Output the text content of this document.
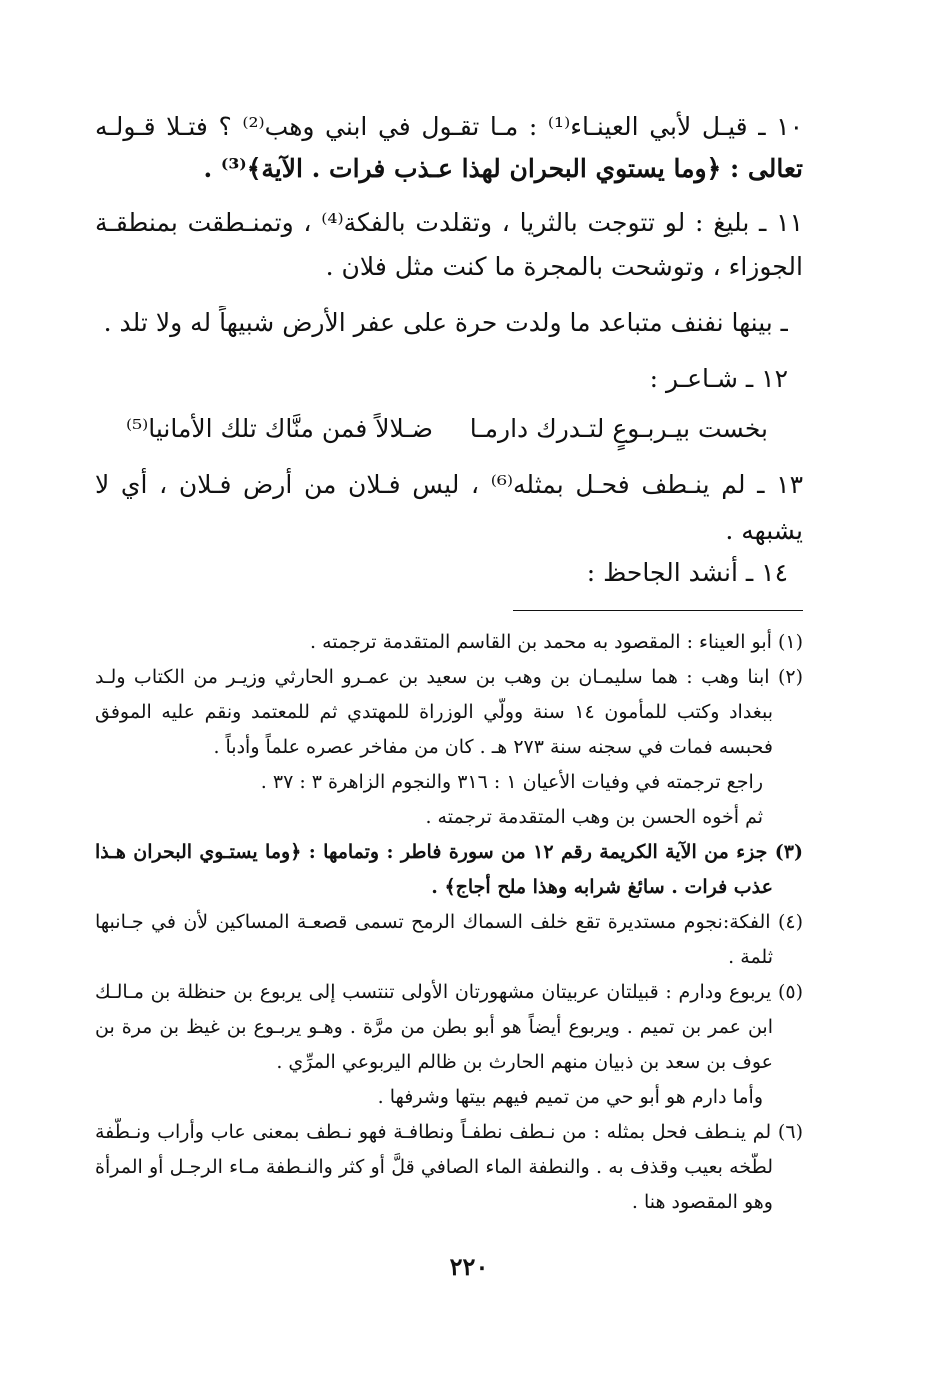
١٠ ـ قيـل لأبي العينـاء⁽¹⁾ : مـا تقـول في ابني وهب⁽²⁾ ؟ فتـلا قـولـه
تعالى : ﴿وما يستوي البحران لهذا عـذب فرات . الآية﴾⁽³⁾ .
١١ ـ بليغ : لو تتوجت بالثريا ، وتقلدت بالفكة⁽⁴⁾ ، وتمنـطقت بمنطقـة
الجوزاء ، وتوشحت بالمجرة ما كنت مثل فلان .
ـ بينها نفنف متباعد ما ولدت حرة على عفر الأرض شبيهاً له ولا تلد .
١٢ ـ شـاعـر :
بخست بيـربـوعٍ لتـدرك دارمـا
ضـلالاً فمن منَّاك تلك الأمانيا⁽⁵⁾
١٣ ـ لم ينـطف فحـل بمثله⁽⁶⁾ ، ليس فـلان من أرض فـلان ، أي لا
يشبهه .
١٤ ـ أنشد الجاحظ :
(١) أبو العيناء : المقصود به محمد بن القاسم المتقدمة ترجمته .
(٢) ابنا وهب : هما سليمـان بن وهب بن سعيد بن عمـرو الحارثي وزيـر من الكتاب ولـد
ببغداد وكتب للمأمون ١٤ سنة وولّي الوزراة للمهتدي ثم للمعتمد ونقم عليه الموفق
فحبسه فمات في سجنه سنة ٢٧٣ هـ . كان من مفاخر عصره علماً وأدباً .
راجع ترجمته في وفيات الأعيان ١ : ٣١٦ والنجوم الزاهرة ٣ : ٣٧ .
ثم أخوه الحسن بن وهب المتقدمة ترجمته .
(٣) جزء من الآية الكريمة رقم ١٢ من سورة فاطر : وتمامها : ﴿وما يستـوي البحران هـذا
عذب فرات . سائغ شرابه وهذا ملح أجاج﴾ .
(٤) الفكة:نجوم مستديرة تقع خلف السماك الرمح تسمى قصعـة المساكين لأن في جـانبها
ثلمة .
(٥) يربوع ودارم : قبيلتان عربيتان مشهورتان الأولى تنتسب إلى يربوع بن حنظلة بن مـالـك
ابن عمر بن تميم . ويربوع أيضاً هو أبو بطن من مرَّة . وهـو يربـوع بن غيظ بن مرة بن
عوف بن سعد بن ذبيان منهم الحارث بن ظالم اليربوعي المرِّي .
وأما دارم هو أبو حي من تميم فيهم بيتها وشرفها .
(٦) لم ينـطف فحل بمثله : من نـطف نطفـاً ونطافـة فهو نـطف بمعنى عاب وأراب ونـطّفة
لطّخه بعيب وقذف به . والنطفة الماء الصافي قلَّ أو كثر والنـطفة مـاء الرجـل أو المرأة
وهو المقصود هنا .
٢٢٠
